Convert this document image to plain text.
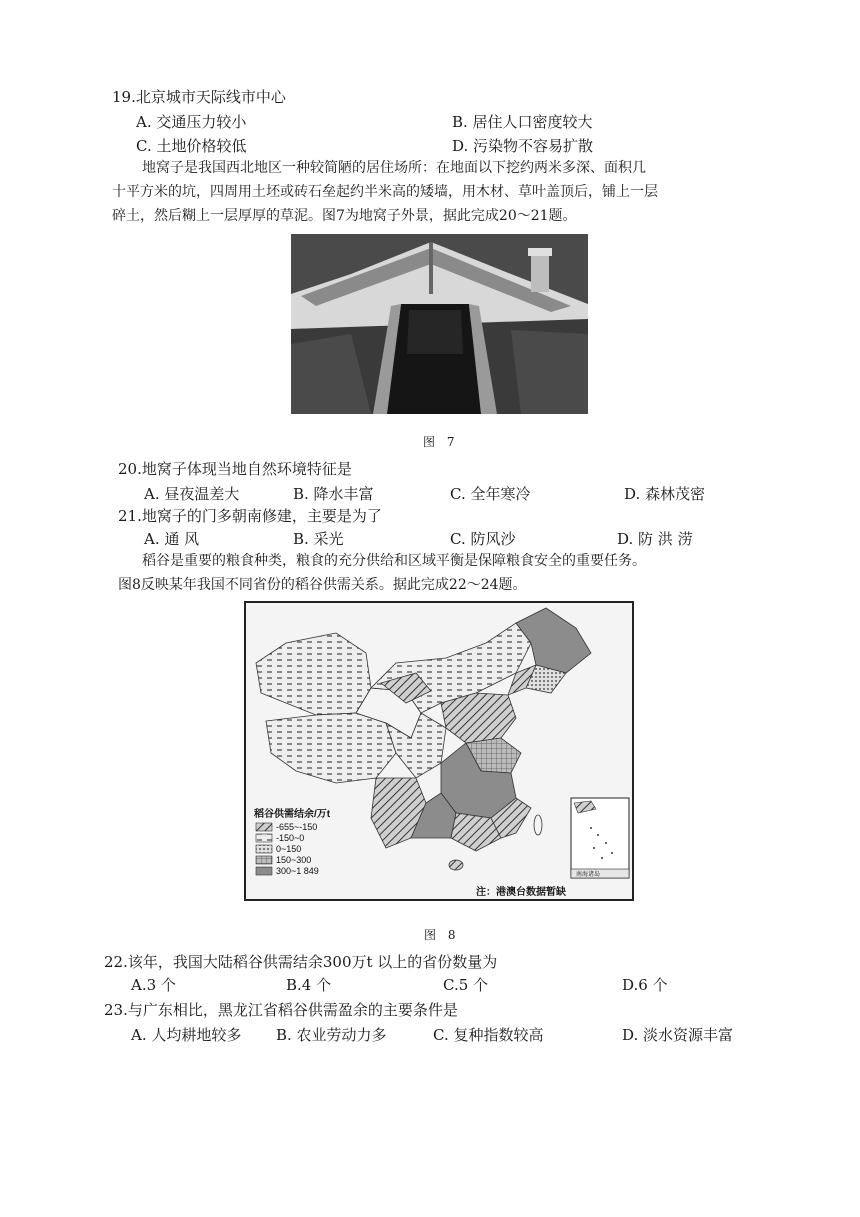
19.北京城市天际线市中心
A. 交通压力较小	B. 居住人口密度较大
C. 土地价格较低	D. 污染物不容易扩散
地窝子是我国西北地区一种较简陋的居住场所：在地面以下挖约两米多深、面积几
十平方米的坑，四周用土坯或砖石垒起约半米高的矮墙，用木材、草叶盖顶后，铺上一层
碎土，然后糊上一层厚厚的草泥。图7为地窝子外景，据此完成20～21题。
图 7
20.地窝子体现当地自然环境特征是
A. 昼夜温差大	B. 降水丰富	C. 全年寒冷	D. 森林茂密
21.地窝子的门多朝南修建，主要是为了
A. 通 风	B. 采光	C. 防风沙	D. 防 洪 涝
稻谷是重要的粮食种类，粮食的充分供给和区域平衡是保障粮食安全的重要任务。
图8反映某年我国不同省份的稻谷供需关系。据此完成22～24题。
稻谷供需结余/万t
-655~-150
-150~0
0~150
150~300
300~1 849	南海诸岛
注：港澳台数据暂缺
图 8
22.该年，我国大陆稻谷供需结余300万t 以上的省份数量为
A.3 个	B.4 个	C.5 个	D.6 个
23.与广东相比，黑龙江省稻谷供需盈余的主要条件是
A. 人均耕地较多 B. 农业劳动力多	C. 复种指数较高	D. 淡水资源丰富
